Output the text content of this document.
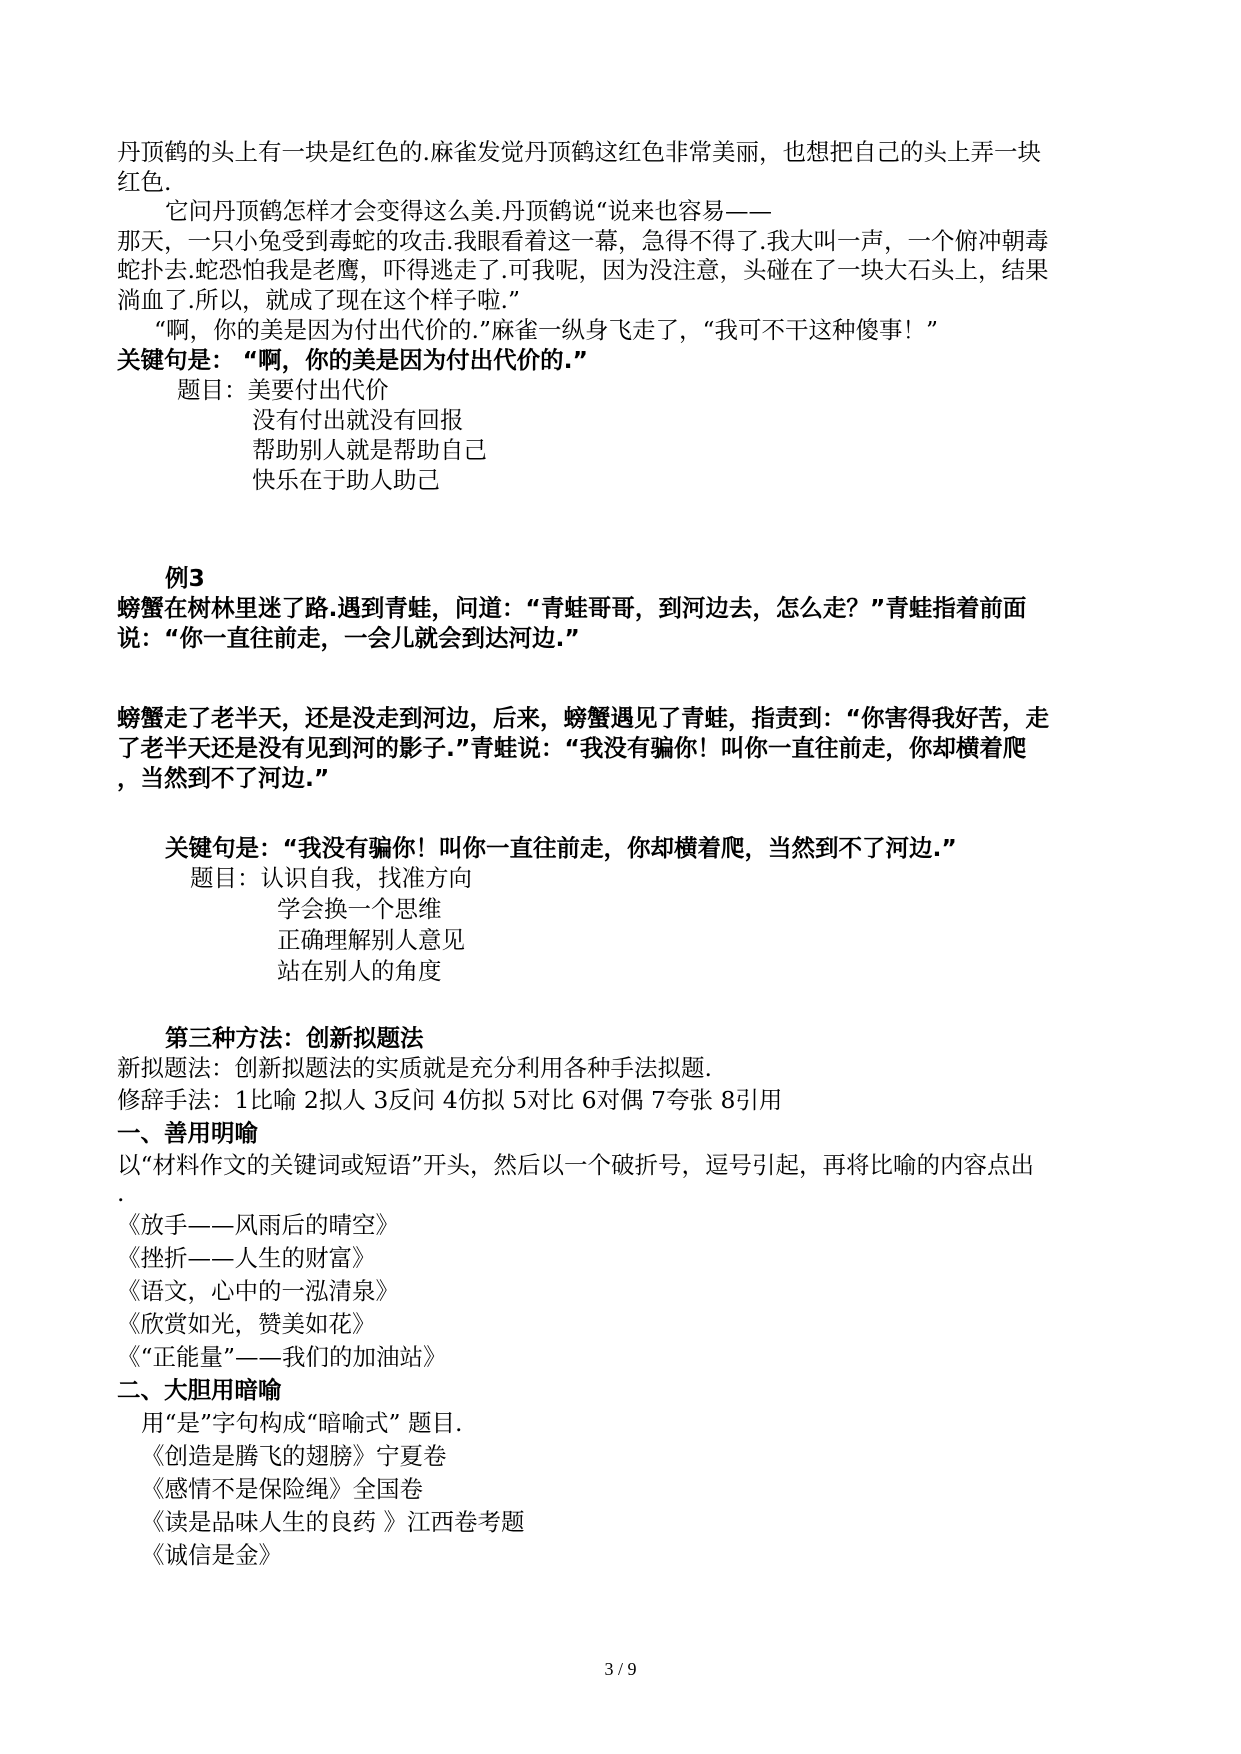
丹顶鹤的头上有一块是红色的.麻雀发觉丹顶鹤这红色非常美丽，也想把自己的头上弄一块
红色.
它问丹顶鹤怎样才会变得这么美.丹顶鹤说“说来也容易——
那天，一只小兔受到毒蛇的攻击.我眼看着这一幕，急得不得了.我大叫一声，一个俯冲朝毒
蛇扑去.蛇恐怕我是老鹰，吓得逃走了.可我呢，因为没注意，头碰在了一块大石头上，结果
淌血了.所以，就成了现在这个样子啦.”
“啊，你的美是因为付出代价的.”麻雀一纵身飞走了，“我可不干这种傻事！”
关键句是： “啊，你的美是因为付出代价的.”
题目：美要付出代价
没有付出就没有回报
帮助别人就是帮助自己
快乐在于助人助己
例3
螃蟹在树林里迷了路.遇到青蛙，问道：“青蛙哥哥，到河边去，怎么走？”青蛙指着前面
说：“你一直往前走，一会儿就会到达河边.”
螃蟹走了老半天，还是没走到河边，后来，螃蟹遇见了青蛙，指责到：“你害得我好苦，走
了老半天还是没有见到河的影子.”青蛙说：“我没有骗你！叫你一直往前走，你却横着爬
，当然到不了河边.”
关键句是：“我没有骗你！叫你一直往前走，你却横着爬，当然到不了河边.”
题目：认识自我，找准方向
学会换一个思维
正确理解别人意见
站在别人的角度
第三种方法：创新拟题法
新拟题法：创新拟题法的实质就是充分利用各种手法拟题.
修辞手法：1比喻 2拟人 3反问 4仿拟 5对比 6对偶 7夸张 8引用
一、善用明喻
以“材料作文的关键词或短语”开头，然后以一个破折号，逗号引起，再将比喻的内容点出
.
《放手——风雨后的晴空》
《挫折——人生的财富》
《语文，心中的一泓清泉》
《欣赏如光，赞美如花》
《“正能量”——我们的加油站》
二、大胆用暗喻
用“是”字句构成“暗喻式” 题目.
《创造是腾飞的翅膀》宁夏卷
《感情不是保险绳》全国卷
《读是品味人生的良药 》江西卷考题
《诚信是金》
3 / 9
